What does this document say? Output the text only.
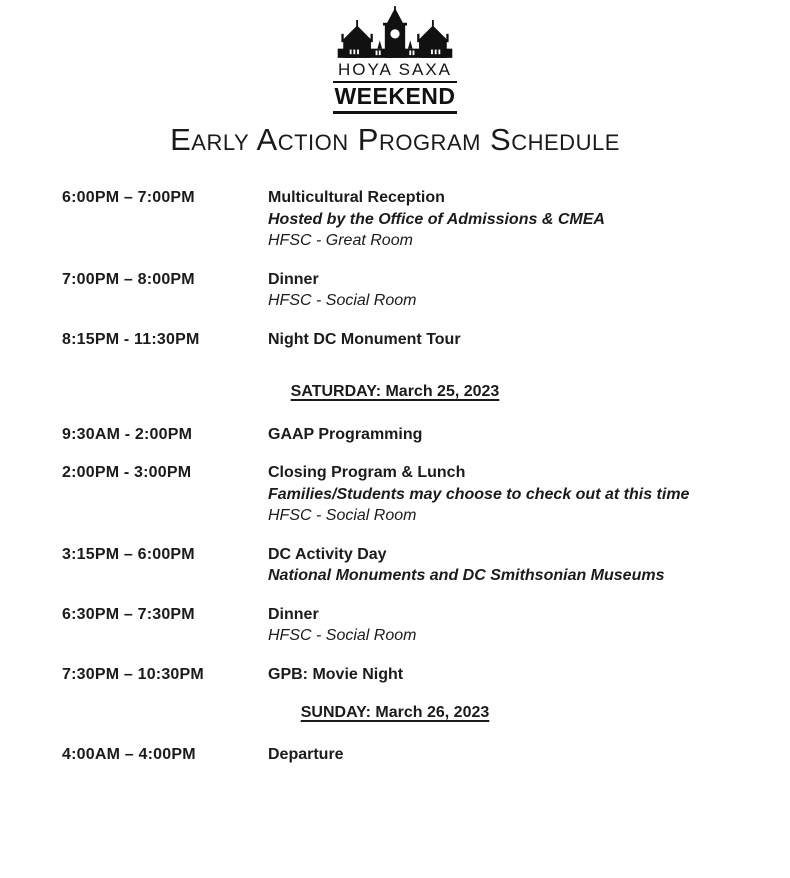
HOYA SAXA
WEEKEND
Early Action Program Schedule
6:00PM – 7:00PM	Multicultural Reception
Hosted by the Office of Admissions & CMEA
HFSC - Great Room
7:00PM – 8:00PM	Dinner
HFSC - Social Room
8:15PM - 11:30PM	Night DC Monument Tour
SATURDAY: March 25, 2023
9:30AM - 2:00PM	GAAP Programming
2:00PM - 3:00PM	Closing Program & Lunch
Families/Students may choose to check out at this time
HFSC - Social Room
3:15PM – 6:00PM	DC Activity Day
National Monuments and DC Smithsonian Museums
6:30PM – 7:30PM	Dinner
HFSC - Social Room
7:30PM – 10:30PM	GPB: Movie Night
SUNDAY: March 26, 2023
4:00AM – 4:00PM	Departure
